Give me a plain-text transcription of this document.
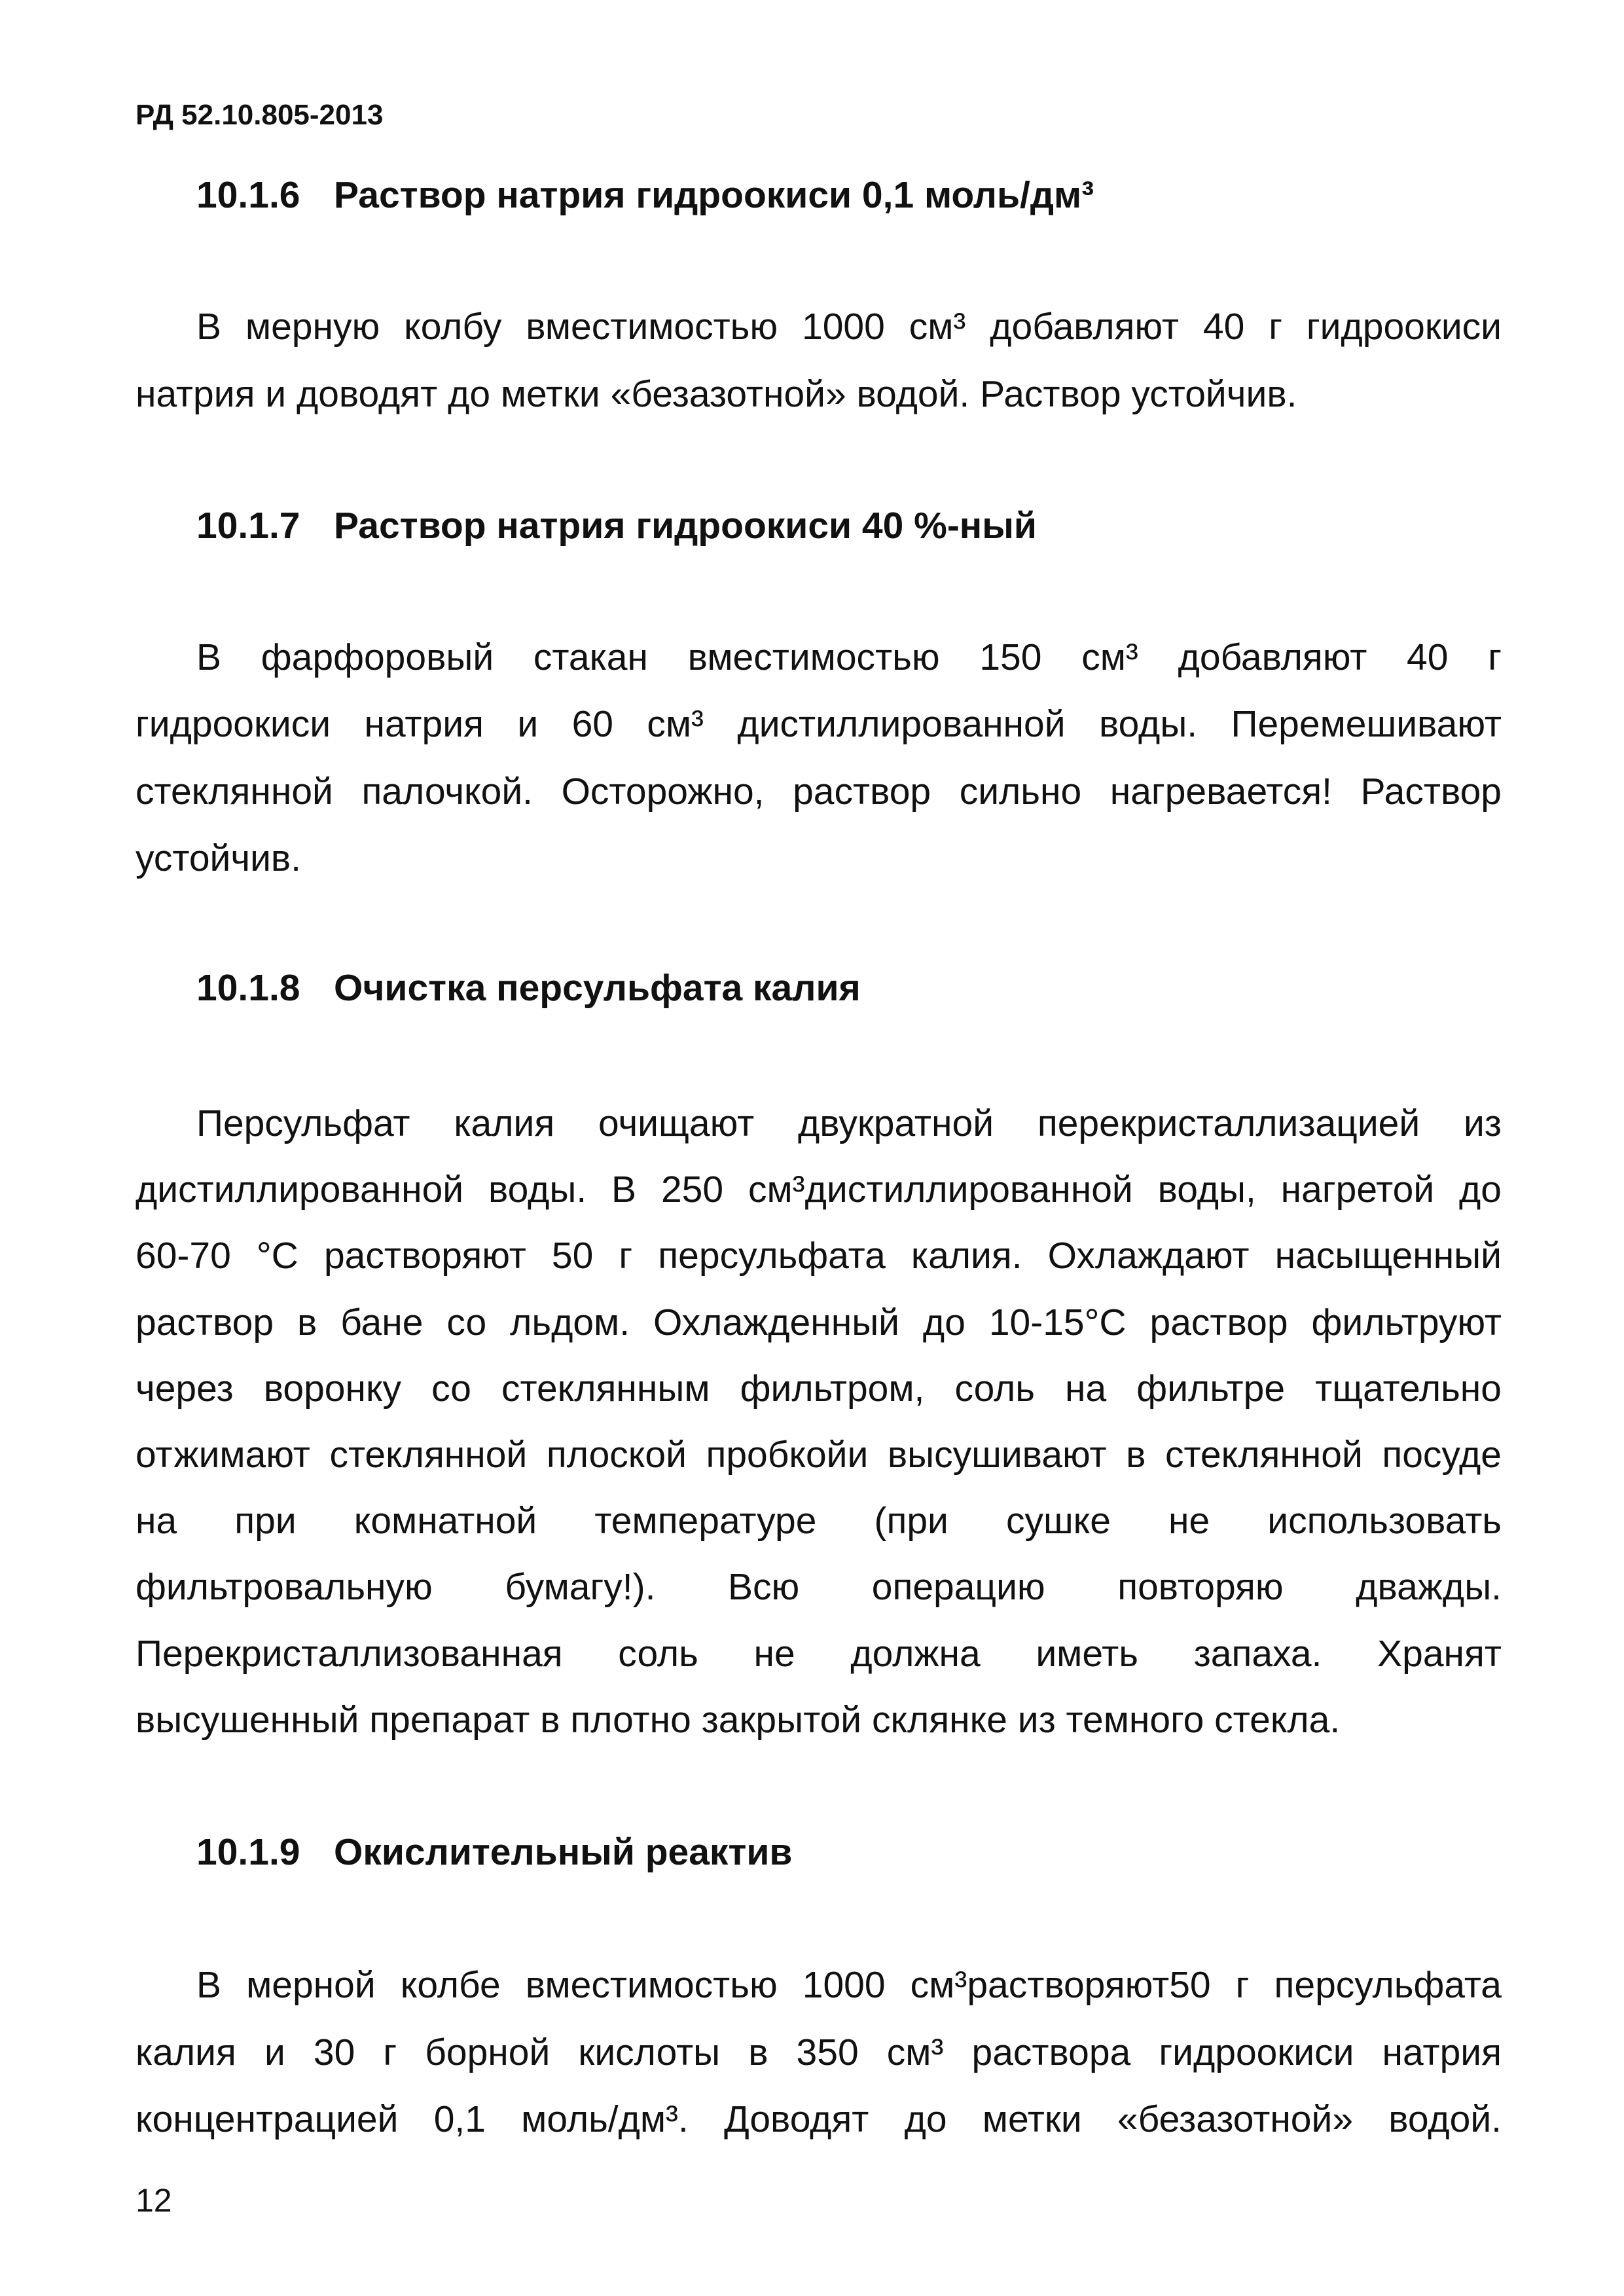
РД 52.10.805-2013
10.1.6 Раствор натрия гидроокиси 0,1 моль/дм³
В мерную колбу вместимостью 1000 см³ добавляют 40 г гидроокиси
натрия и доводят до метки «безазотной» водой. Раствор устойчив.
10.1.7 Раствор натрия гидроокиси 40 %-ный
В фарфоровый стакан вместимостью 150 см³ добавляют 40 г
гидроокиси натрия и 60 см³ дистиллированной воды. Перемешивают
стеклянной палочкой. Осторожно, раствор сильно нагревается! Раствор
устойчив.
10.1.8 Очистка персульфата калия
Персульфат калия очищают двукратной перекристаллизацией из
дистиллированной воды. В 250 см³дистиллированной воды, нагретой до
60-70 °С растворяют 50 г персульфата калия. Охлаждают насыщенный
раствор в бане со льдом. Охлажденный до 10-15°С раствор фильтруют
через воронку со стеклянным фильтром, соль на фильтре тщательно
отжимают стеклянной плоской пробкойи высушивают в стеклянной посуде
на при комнатной температуре (при сушке не использовать
фильтровальную бумагу!). Всю операцию повторяю дважды.
Перекристаллизованная соль не должна иметь запаха. Хранят
высушенный препарат в плотно закрытой склянке из темного стекла.
10.1.9 Окислительный реактив
В мерной колбе вместимостью 1000 см³растворяют50 г персульфата
калия и 30 г борной кислоты в 350 см³ раствора гидроокиси натрия
концентрацией 0,1 моль/дм³. Доводят до метки «безазотной» водой.
12
